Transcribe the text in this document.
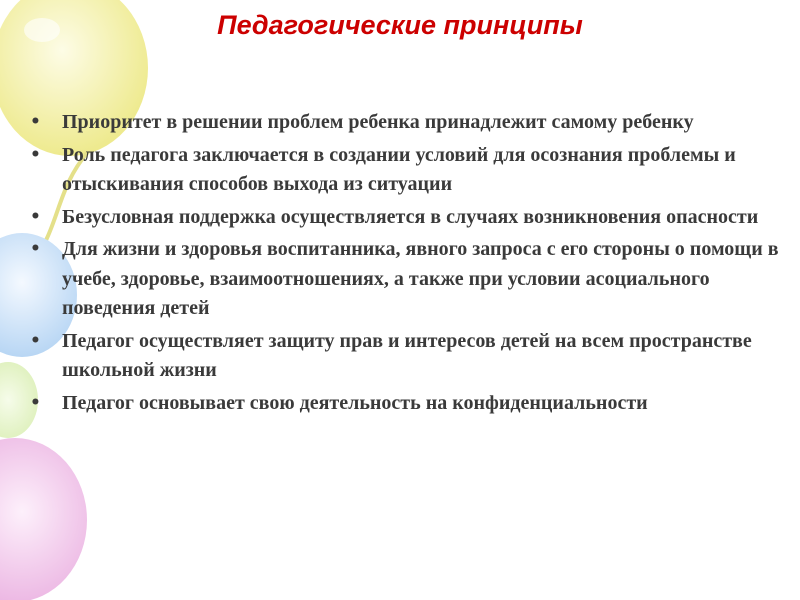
Педагогические принципы
• Приоритет в решении проблем ребенка принадлежит самому ребенку
• Роль педагога заключается в создании условий для осознания проблемы и отыскивания способов выхода из ситуации
• Безусловная поддержка осуществляется в случаях возникновения опасности
• Для жизни и здоровья воспитанника, явного запроса с его стороны о помощи в учебе, здоровье, взаимоотношениях, а также при условии асоциального поведения детей
• Педагог осуществляет защиту прав и интересов детей на всем пространстве школьной жизни
• Педагог основывает свою деятельность на конфиденциальности
